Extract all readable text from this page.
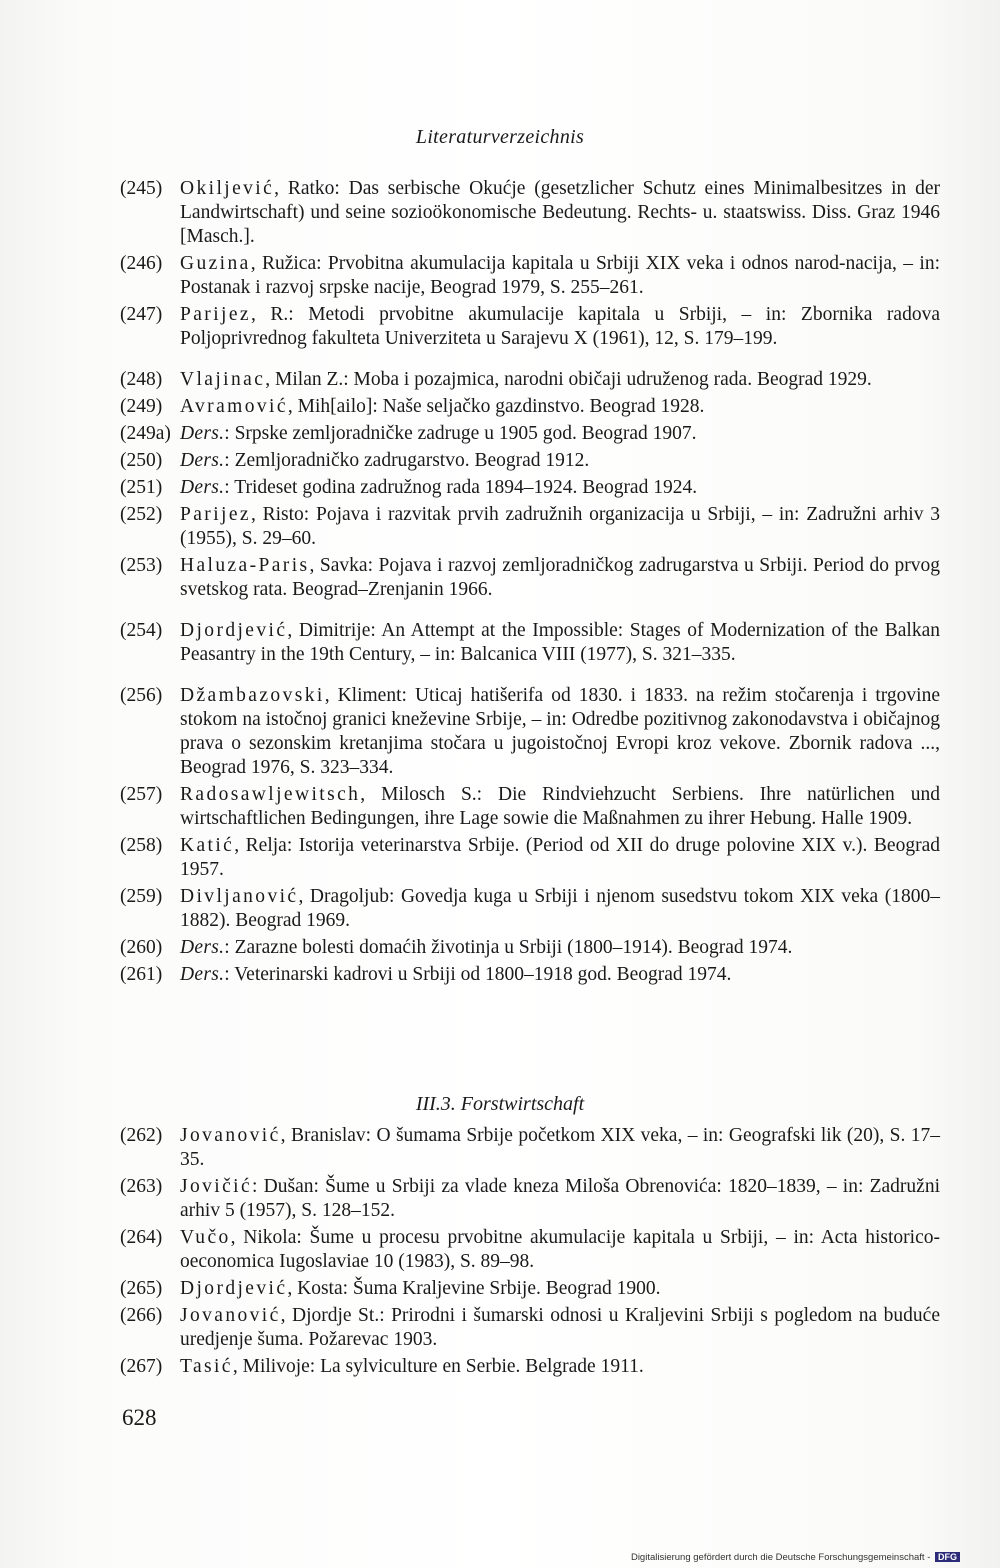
Literaturverzeichnis
(245) Okiljević, Ratko: Das serbische Okućje (gesetzlicher Schutz eines Minimalbesitzes in der Landwirtschaft) und seine sozioökonomische Bedeutung. Rechts- u. staatswiss. Diss. Graz 1946 [Masch.].
(246) Guzina, Ružica: Prvobitna akumulacija kapitala u Srbiji XIX veka i odnos narod-nacija, – in: Postanak i razvoj srpske nacije, Beograd 1979, S. 255–261.
(247) Parijez, R.: Metodi prvobitne akumulacije kapitala u Srbiji, – in: Zbornika radova Poljoprivrednog fakulteta Univerziteta u Sarajevu X (1961), 12, S. 179–199.
(248) Vlajinac, Milan Z.: Moba i pozajmica, narodni običaji udruženog rada. Beograd 1929.
(249) Avramović, Mih[ailo]: Naše seljačko gazdinstvo. Beograd 1928.
(249a) Ders.: Srpske zemljoradničke zadruge u 1905 god. Beograd 1907.
(250) Ders.: Zemljoradničko zadrugarstvo. Beograd 1912.
(251) Ders.: Trideset godina zadružnog rada 1894–1924. Beograd 1924.
(252) Parijez, Risto: Pojava i razvitak prvih zadružnih organizacija u Srbiji, – in: Zadružni arhiv 3 (1955), S. 29–60.
(253) Haluza-Paris, Savka: Pojava i razvoj zemljoradničkog zadrugarstva u Srbiji. Period do prvog svetskog rata. Beograd–Zrenjanin 1966.
(254) Djordjević, Dimitrije: An Attempt at the Impossible: Stages of Modernization of the Balkan Peasantry in the 19th Century, – in: Balcanica VIII (1977), S. 321–335.
(256) Džambazovski, Kliment: Uticaj hatišerifa od 1830. i 1833. na režim stočarenja i trgovine stokom na istočnoj granici kneževine Srbije, – in: Odredbe pozitivnog zakonodavstva i običajnog prava o sezonskim kretanjima stočara u jugoistočnoj Evropi kroz vekove. Zbornik radova ..., Beograd 1976, S. 323–334.
(257) Radosawljewitsch, Milosch S.: Die Rindviehzucht Serbiens. Ihre natürlichen und wirtschaftlichen Bedingungen, ihre Lage sowie die Maßnahmen zu ihrer Hebung. Halle 1909.
(258) Katić, Relja: Istorija veterinarstva Srbije. (Period od XII do druge polovine XIX v.). Beograd 1957.
(259) Divljanović, Dragoljub: Govedja kuga u Srbiji i njenom susedstvu tokom XIX veka (1800–1882). Beograd 1969.
(260) Ders.: Zarazne bolesti domaćih životinja u Srbiji (1800–1914). Beograd 1974.
(261) Ders.: Veterinarski kadrovi u Srbiji od 1800–1918 god. Beograd 1974.
III.3. Forstwirtschaft
(262) Jovanović, Branislav: O šumama Srbije početkom XIX veka, – in: Geografski lik (20), S. 17–35.
(263) Jovičić: Dušan: Šume u Srbiji za vlade kneza Miloša Obrenovića: 1820–1839, – in: Zadružni arhiv 5 (1957), S. 128–152.
(264) Vučo, Nikola: Šume u procesu prvobitne akumulacije kapitala u Srbiji, – in: Acta historico-oeconomica Iugoslaviae 10 (1983), S. 89–98.
(265) Djordjević, Kosta: Šuma Kraljevine Srbije. Beograd 1900.
(266) Jovanović, Djordje St.: Prirodni i šumarski odnosi u Kraljevini Srbiji s pogledom na buduće uredjenje šuma. Požarevac 1903.
(267) Tasić, Milivoje: La sylviculture en Serbie. Belgrade 1911.
628
Digitalisierung gefördert durch die Deutsche Forschungsgemeinschaft - DFG
